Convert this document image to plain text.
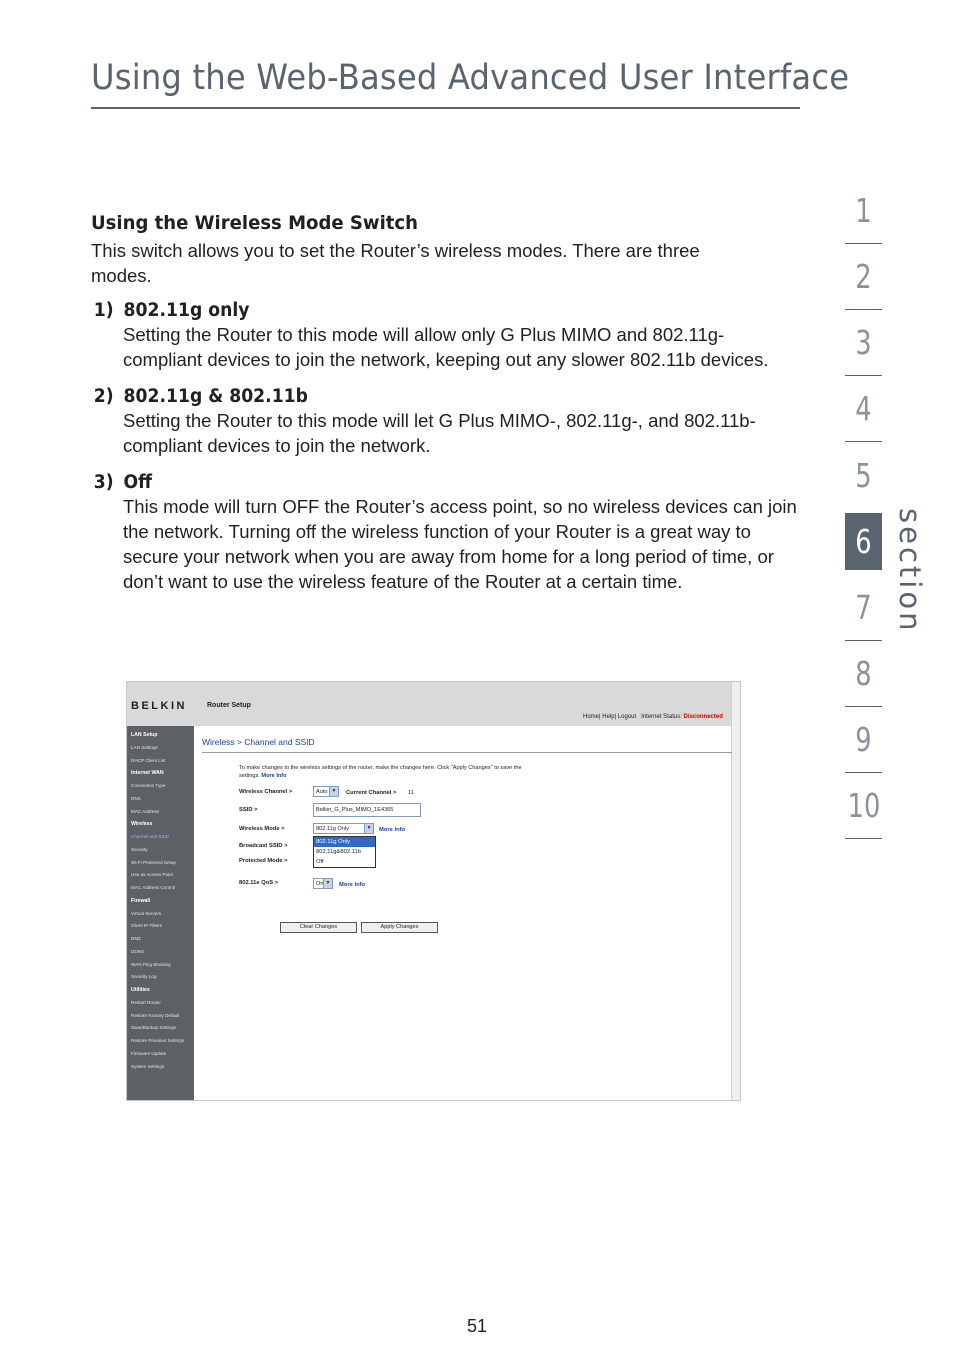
Using the Web-Based Advanced User Interface
Using the Wireless Mode Switch

This switch allows you to set the Router’s wireless modes. There are three modes.

1) 802.11g only
Setting the Router to this mode will allow only G Plus MIMO and 802.11g-compliant devices to join the network, keeping out any slower 802.11b devices.
2) 802.11g & 802.11b
Setting the Router to this mode will let G Plus MIMO-, 802.11g-, and 802.11b-compliant devices to join the network.
3) Off
This mode will turn OFF the Router’s access point, so no wireless devices can join the network. Turning off the wireless function of your Router is a great way to secure your network when you are away from home for a long period of time, or don’t want to use the wireless feature of the Router at a certain time.
BELKIN	Router Setup
Home| Help| Logout Internet Status: Disconnected
LAN Setup
LAN Settings
DHCP Client List
Internet WAN
Connection Type
DNS
MAC Address
Wireless
Channel and SSID
Security
Wi-Fi Protected Setup
Use as Access Point
MAC Address Control
Firewall
Virtual Servers
Client IP Filters
DMZ
DDNS
WAN Ping Blocking
Security Log
Utilities
Restart Router
Restore Factory Default
Save/Backup Settings
Restore Previous Settings
Firmware Update
System Settings
Wireless > Channel and SSID
To make changes to the wireless settings of the router, make the changes here. Click "Apply Changes" to save the settings. More Info
Wireless Channel >	Auto ▼ Current Channel > 11
SSID >	Belkin_G_Plus_MIMO_1E4365
Wireless Mode >	802.11g Only	▼ More Info
802.11g Only
802.11g&802.11b
Off
Broadcast SSID >
Protected Mode >
802.11e QoS >	On ▼ More Info
Clear Changes	Apply Changes
1
2
3
4
5
6
7
8
9
10
section
51
